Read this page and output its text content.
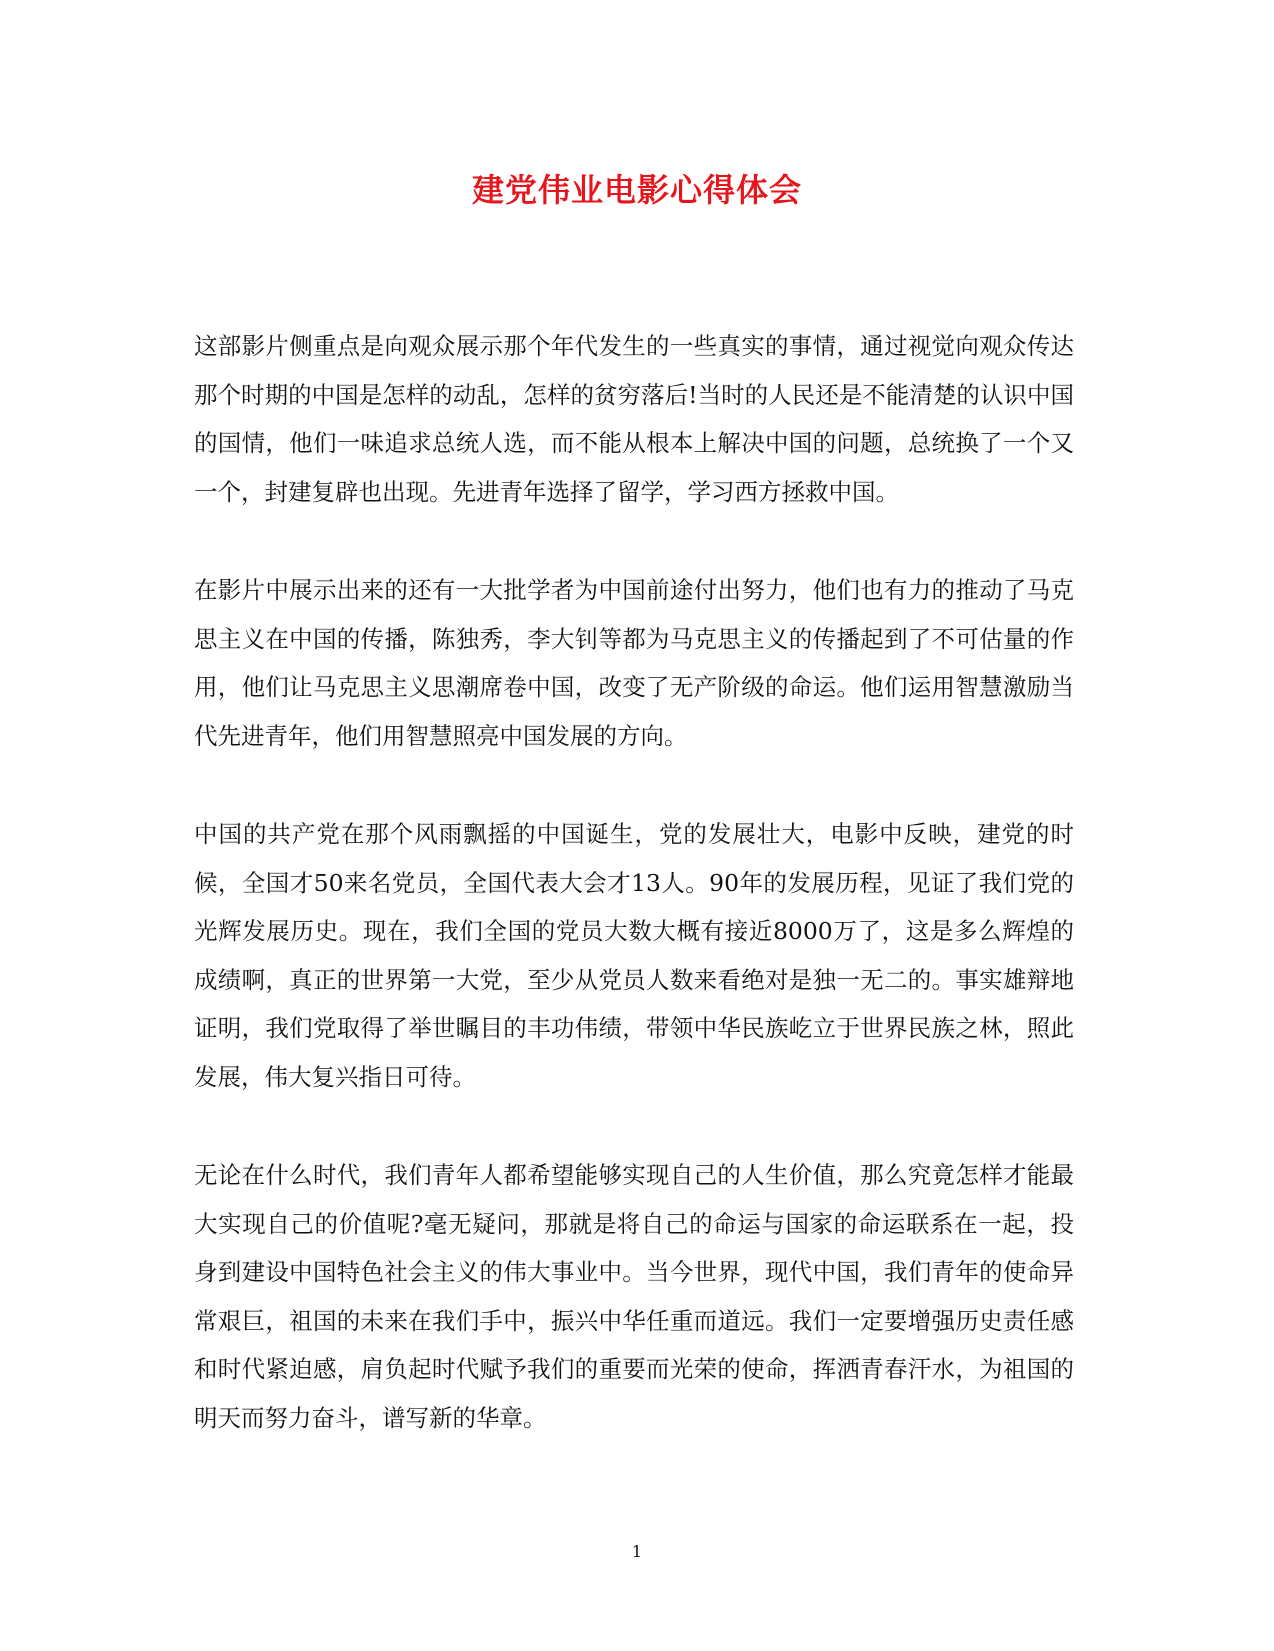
建党伟业电影心得体会

这部影片侧重点是向观众展示那个年代发生的一些真实的事情，通过视觉向观众传达那个时期的中国是怎样的动乱，怎样的贫穷落后!当时的人民还是不能清楚的认识中国的国情，他们一味追求总统人选，而不能从根本上解决中国的问题，总统换了一个又一个，封建复辟也出现。先进青年选择了留学，学习西方拯救中国。

在影片中展示出来的还有一大批学者为中国前途付出努力，他们也有力的推动了马克思主义在中国的传播，陈独秀，李大钊等都为马克思主义的传播起到了不可估量的作用，他们让马克思主义思潮席卷中国，改变了无产阶级的命运。他们运用智慧激励当代先进青年，他们用智慧照亮中国发展的方向。

中国的共产党在那个风雨飘摇的中国诞生，党的发展壮大，电影中反映，建党的时候，全国才50来名党员，全国代表大会才13人。90年的发展历程，见证了我们党的光辉发展历史。现在，我们全国的党员大数大概有接近8000万了，这是多么辉煌的成绩啊，真正的世界第一大党，至少从党员人数来看绝对是独一无二的。事实雄辩地证明，我们党取得了举世瞩目的丰功伟绩，带领中华民族屹立于世界民族之林，照此发展，伟大复兴指日可待。

无论在什么时代，我们青年人都希望能够实现自己的人生价值，那么究竟怎样才能最大实现自己的价值呢?毫无疑问，那就是将自己的命运与国家的命运联系在一起，投身到建设中国特色社会主义的伟大事业中。当今世界，现代中国，我们青年的使命异常艰巨，祖国的未来在我们手中，振兴中华任重而道远。我们一定要增强历史责任感和时代紧迫感，肩负起时代赋予我们的重要而光荣的使命，挥洒青春汗水，为祖国的明天而努力奋斗，谱写新的华章。

1
